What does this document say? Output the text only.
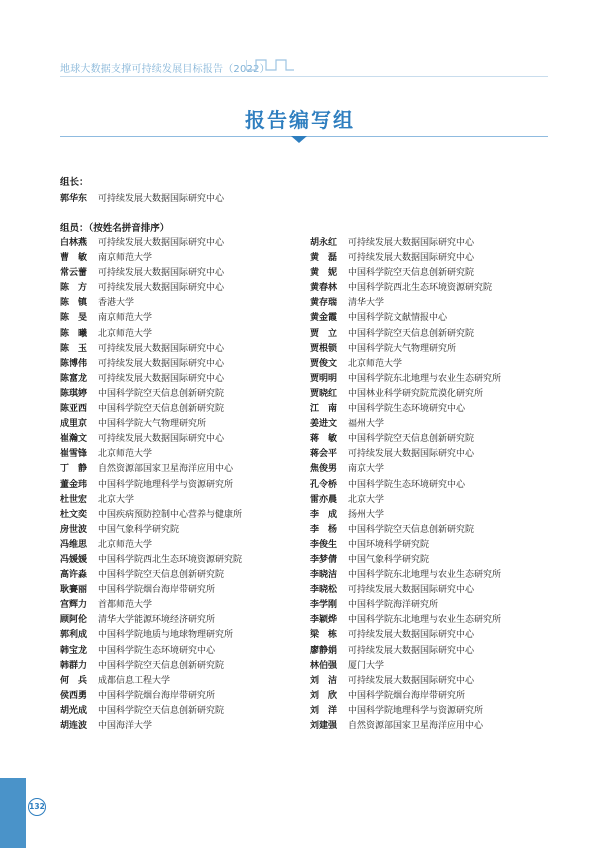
地球大数据支撑可持续发展目标报告（2022）
报告编写组
组长：
郭华东 可持续发展大数据国际研究中心
组员：（按姓名拼音排序）
白林燕 可持续发展大数据国际研究中心
曹　敏 南京师范大学
常云蕾 可持续发展大数据国际研究中心
陈　方 可持续发展大数据国际研究中心
陈　镇 香港大学
陈　旻 南京师范大学
陈　曦 北京师范大学
陈　玉 可持续发展大数据国际研究中心
陈博伟 可持续发展大数据国际研究中心
陈富龙 可持续发展大数据国际研究中心
陈琪婷 中国科学院空天信息创新研究院
陈亚西 中国科学院空天信息创新研究院
成里京 中国科学院大气物理研究所
崔瀚文 可持续发展大数据国际研究中心
崔雪锋 北京师范大学
丁　静 自然资源部国家卫星海洋应用中心
董金玮 中国科学院地理科学与资源研究所
杜世宏 北京大学
杜文奕 中国疾病预防控制中心营养与健康所
房世波 中国气象科学研究院
冯维思 北京师范大学
冯媛媛 中国科学院西北生态环境资源研究院
高许淼 中国科学院空天信息创新研究院
耿賽丽 中国科学院烟台海岸带研究所
宫辉力 首都师范大学
顾阿伦 清华大学能源环境经济研究所
郭利成 中国科学院地质与地球物理研究所
韩宝龙 中国科学院生态环境研究中心
韩群力 中国科学院空天信息创新研究院
何　兵 成都信息工程大学
侯西勇 中国科学院烟台海岸带研究所
胡光成 中国科学院空天信息创新研究院
胡连波 中国海洋大学
胡永红 可持续发展大数据国际研究中心
黄　磊 可持续发展大数据国际研究中心
黄　妮 中国科学院空天信息创新研究院
黄春林 中国科学院西北生态环境资源研究院
黄存瑞 清华大学
黄金霞 中国科学院文献情报中心
贾　立 中国科学院空天信息创新研究院
贾根锁 中国科学院大气物理研究所
贾俊文 北京师范大学
贾明明 中国科学院东北地理与农业生态研究所
贾晓红 中国林业科学研究院荒漠化研究所
江　南 中国科学院生态环境研究中心
姜进文 福州大学
蒋　敏 中国科学院空天信息创新研究院
蒋会平 可持续发展大数据国际研究中心
焦俊男 南京大学
孔令桥 中国科学院生态环境研究中心
雷亦晨 北京大学
李　成 扬州大学
李　杨 中国科学院空天信息创新研究院
李俊生 中国环境科学研究院
李梦倩 中国气象科学研究院
李晓洁 中国科学院东北地理与农业生态研究所
李晓松 可持续发展大数据国际研究中心
李学刚 中国科学院海洋研究所
李颖烨 中国科学院东北地理与农业生态研究所
梁　栋 可持续发展大数据国际研究中心
廖静娟 可持续发展大数据国际研究中心
林伯强 厦门大学
刘　洁 可持续发展大数据国际研究中心
刘　欣 中国科学院烟台海岸带研究所
刘　洋 中国科学院地理科学与资源研究所
刘建强 自然资源部国家卫星海洋应用中心
132
